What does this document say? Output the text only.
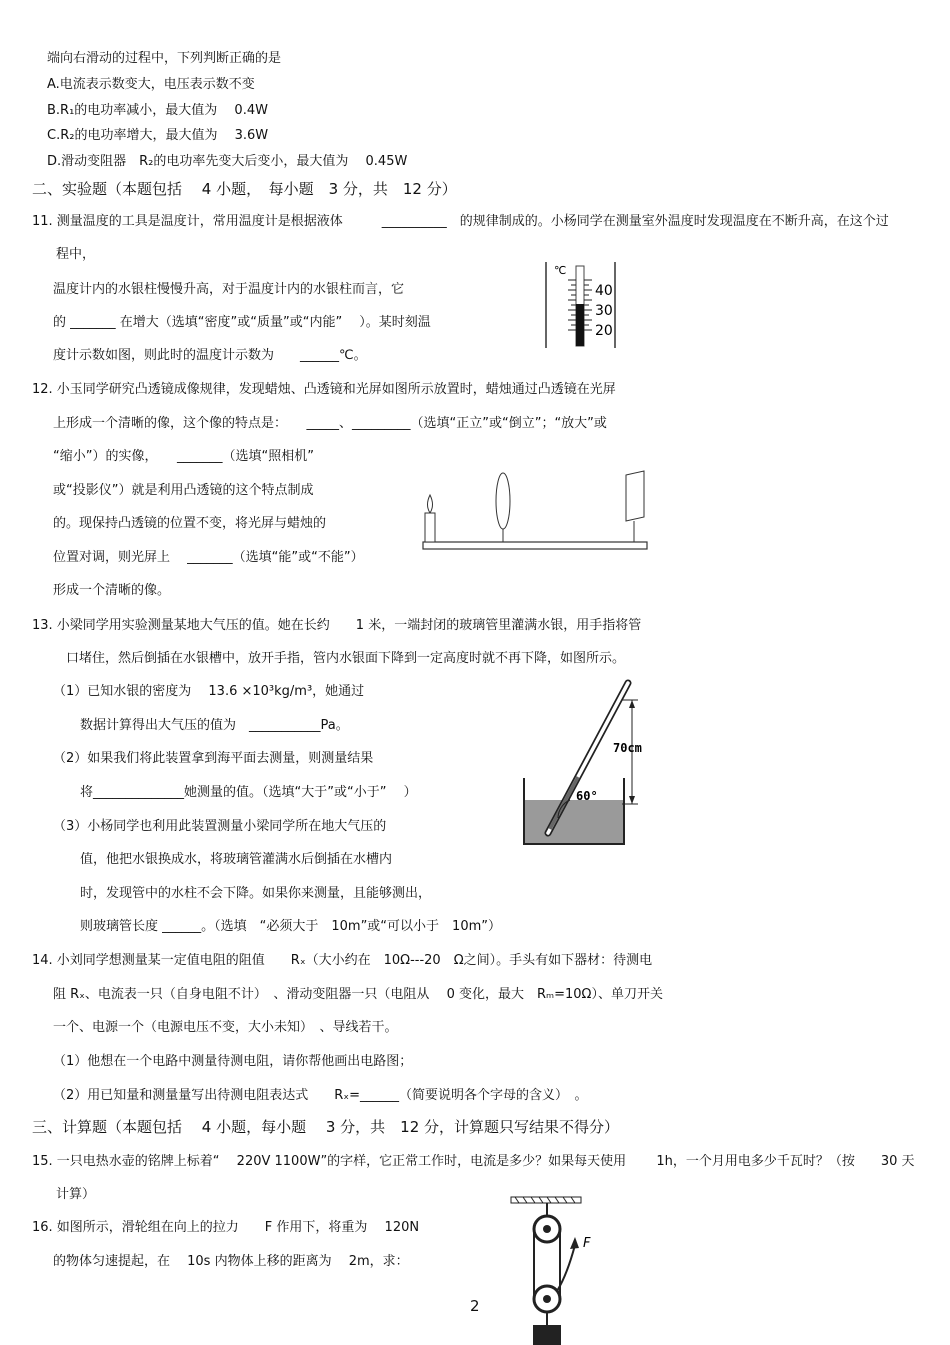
端向右滑动的过程中，下列判断正确的是
A.电流表示数变大，电压表示数不变
B.R₁的电功率减小，最大值为　 0.4W
C.R₂的电功率增大，最大值为　 3.6W
D.滑动变阻器　R₂的电功率先变大后变小，最大值为　 0.45W
二、实验题（本题包括　 4 小题，　每小题　3 分，共　12 分）
11. 测量温度的工具是温度计，常用温度计是根据液体　　　__________　的规律制成的。小杨同学在测量室外温度时发现温度在不断升高，在这个过
程中，
温度计内的水银柱慢慢升高，对于温度计内的水银柱而言，它
的 _______ 在增大（选填“密度”或“质量”或“内能”　 ）。某时刻温
度计示数如图，则此时的温度计示数为　　______℃。
℃
40
30
20
12. 小玉同学研究凸透镜成像规律，发现蜡烛、凸透镜和光屏如图所示放置时，蜡烛通过凸透镜在光屏
上形成一个清晰的像，这个像的特点是：　　_____、_________（选填“正立”或“倒立”；“放大”或
“缩小”）的实像，　　_______（选填“照相机”
或“投影仪”）就是利用凸透镜的这个特点制成
的。现保持凸透镜的位置不变，将光屏与蜡烛的
位置对调，则光屏上　 _______（选填“能”或“不能”）
形成一个清晰的像。
13. 小梁同学用实验测量某地大气压的值。她在长约　　1 米，一端封闭的玻璃管里灌满水银，用手指将管
口堵住，然后倒插在水银槽中，放开手指，管内水银面下降到一定高度时就不再下降，如图所示。
（1）已知水银的密度为　 13.6 ×10³kg/m³，她通过
数据计算得出大气压的值为　___________Pa。
（2）如果我们将此装置拿到海平面去测量，则测量结果
将______________她测量的值。（选填“大于”或“小于”　 ）
（3）小杨同学也利用此装置测量小梁同学所在地大气压的
值，他把水银换成水，将玻璃管灌满水后倒插在水槽内
时，发现管中的水柱不会下降。如果你来测量，且能够测出，
则玻璃管长度 ______。（选填　“必须大于　10m”或“可以小于　10m”）
70cm
60°
14. 小刘同学想测量某一定值电阻的阻值　　Rₓ（大小约在　10Ω---20　Ω之间）。手头有如下器材：待测电
阻 Rₓ、电流表一只（自身电阻不计）　、滑动变阻器一只（电阻从　 0 变化，最大　Rₘ=10Ω）、单刀开关
一个、电源一个（电源电压不变，大小未知）　、导线若干。
（1）他想在一个电路中测量待测电阻，请你帮他画出电路图；
（2）用已知量和测量量写出待测电阻表达式　　Rₓ=______（简要说明各个字母的含义）　。
三、计算题（本题包括　 4 小题，每小题　 3 分，共　12 分，计算题只写结果不得分）
15. 一只电热水壶的铭牌上标着“　 220V 1100W”的字样，它正常工作时，电流是多少？如果每天使用　　 1h，一个月用电多少千瓦时？（按　　30 天
计算）
16. 如图所示，滑轮组在向上的拉力　　F 作用下，将重为　 120N
的物体匀速提起，在　 10s 内物体上移的距离为　 2m，求：
F
2
